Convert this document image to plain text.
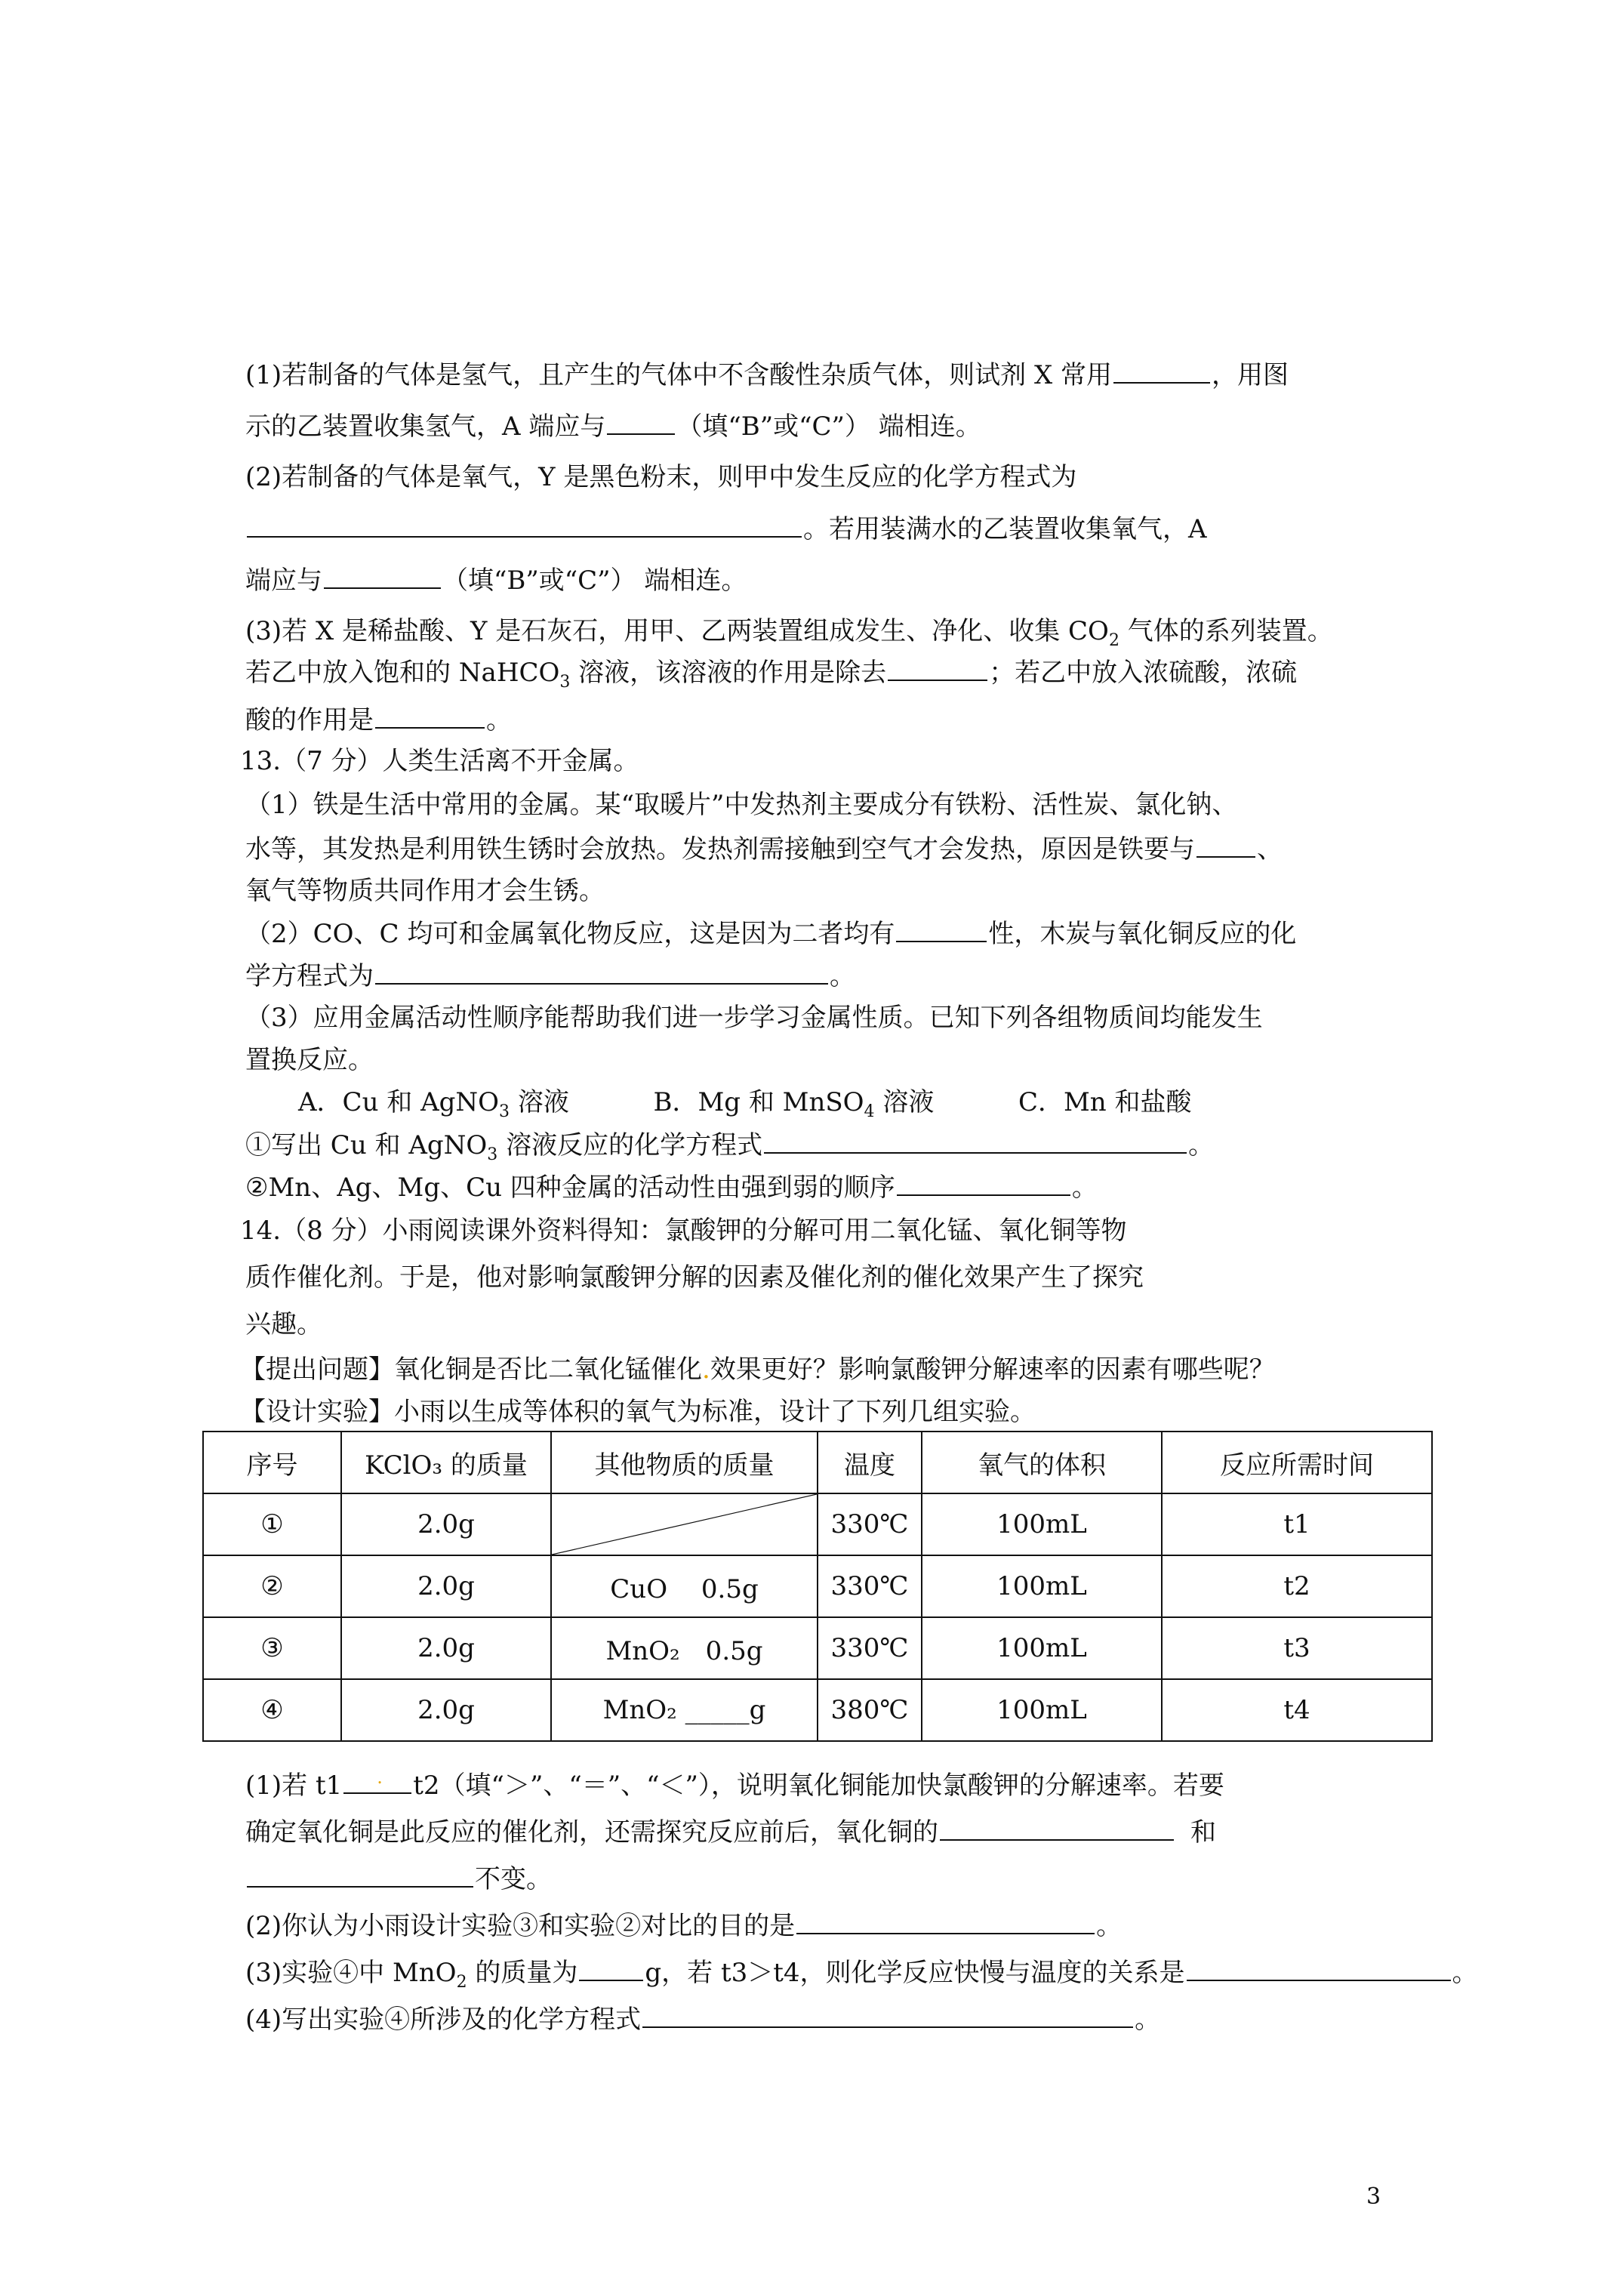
(1)若制备的气体是氢气，且产生的气体中不含酸性杂质气体，则试剂 X 常用	，用图
示的乙装置收集氢气，A 端应与	（填“B”或“C”） 端相连。
(2)若制备的气体是氧气，Y 是黑色粉末，则甲中发生反应的化学方程式为
。若用装满水的乙装置收集氧气，A
端应与	（填“B”或“C”） 端相连。
(3)若 X 是稀盐酸、Y 是石灰石，用甲、乙两装置组成发生、净化、收集 $CO_2$ 气体的系列装置。
若乙中放入饱和的 NaHCO$_3$ 溶液，该溶液的作用是除去	；若乙中放入浓硫酸，浓硫
酸的作用是	。
13.（7 分）人类生活离不开金属。
（1）铁是生活中常用的金属。某“取暖片”中发热剂主要成分有铁粉、活性炭、氯化钠、
水等，其发热是利用铁生锈时会放热。发热剂需接触到空气才会发热，原因是铁要与 、
氧气等物质共同作用才会生锈。
（2）CO、C 均可和金属氧化物反应，这是因为二者均有	性，木炭与氧化铜反应的化
学方程式为	。
（3）应用金属活动性顺序能帮助我们进一步学习金属性质。已知下列各组物质间均能发生
置换反应。
A．Cu 和 AgNO$_3$ 溶液	B．Mg 和 MnSO$_4$ 溶液	C．Mn 和盐酸
①写出 Cu 和 AgNO$_3$ 溶液反应的化学方程式	。
②Mn、Ag、Mg、Cu 四种金属的活动性由强到弱的顺序	。
14.（8 分）小雨阅读课外资料得知：氯酸钾的分解可用二氧化锰、氧化铜等物
质作催化剂。于是，他对影响氯酸钾分解的因素及催化剂的催化效果产生了探究
兴趣。
【提出问题】氧化铜是否比二氧化锰催化.效果更好？影响氯酸钾分解速率的因素有哪些呢？
【设计实验】小雨以生成等体积的氧气为标准，设计了下列几组实验。
序号	KClO₃ 的质量	其他物质的质量	温度	氧气的体积	反应所需时间
①	2.0g		330℃	100mL	t1
②	2.0g	CuO　 0.5g	330℃	100mL	t2
③	2.0g	MnO₂　0.5g	330℃	100mL	t3
④	2.0g	MnO₂ _____g	380℃	100mL	t4
(1)若 t1 . t2（填“＞”、“＝”、“＜”），说明氧化铜能加快氯酸钾的分解速率。若要
确定氧化铜是此反应的催化剂，还需探究反应前后，氧化铜的	和
不变。
(2)你认为小雨设计实验③和实验②对比的目的是	。
(3)实验④中 MnO$_2$ 的质量为	g，若 t3＞t4，则化学反应快慢与温度的关系是	。
(4)写出实验④所涉及的化学方程式	。
3
